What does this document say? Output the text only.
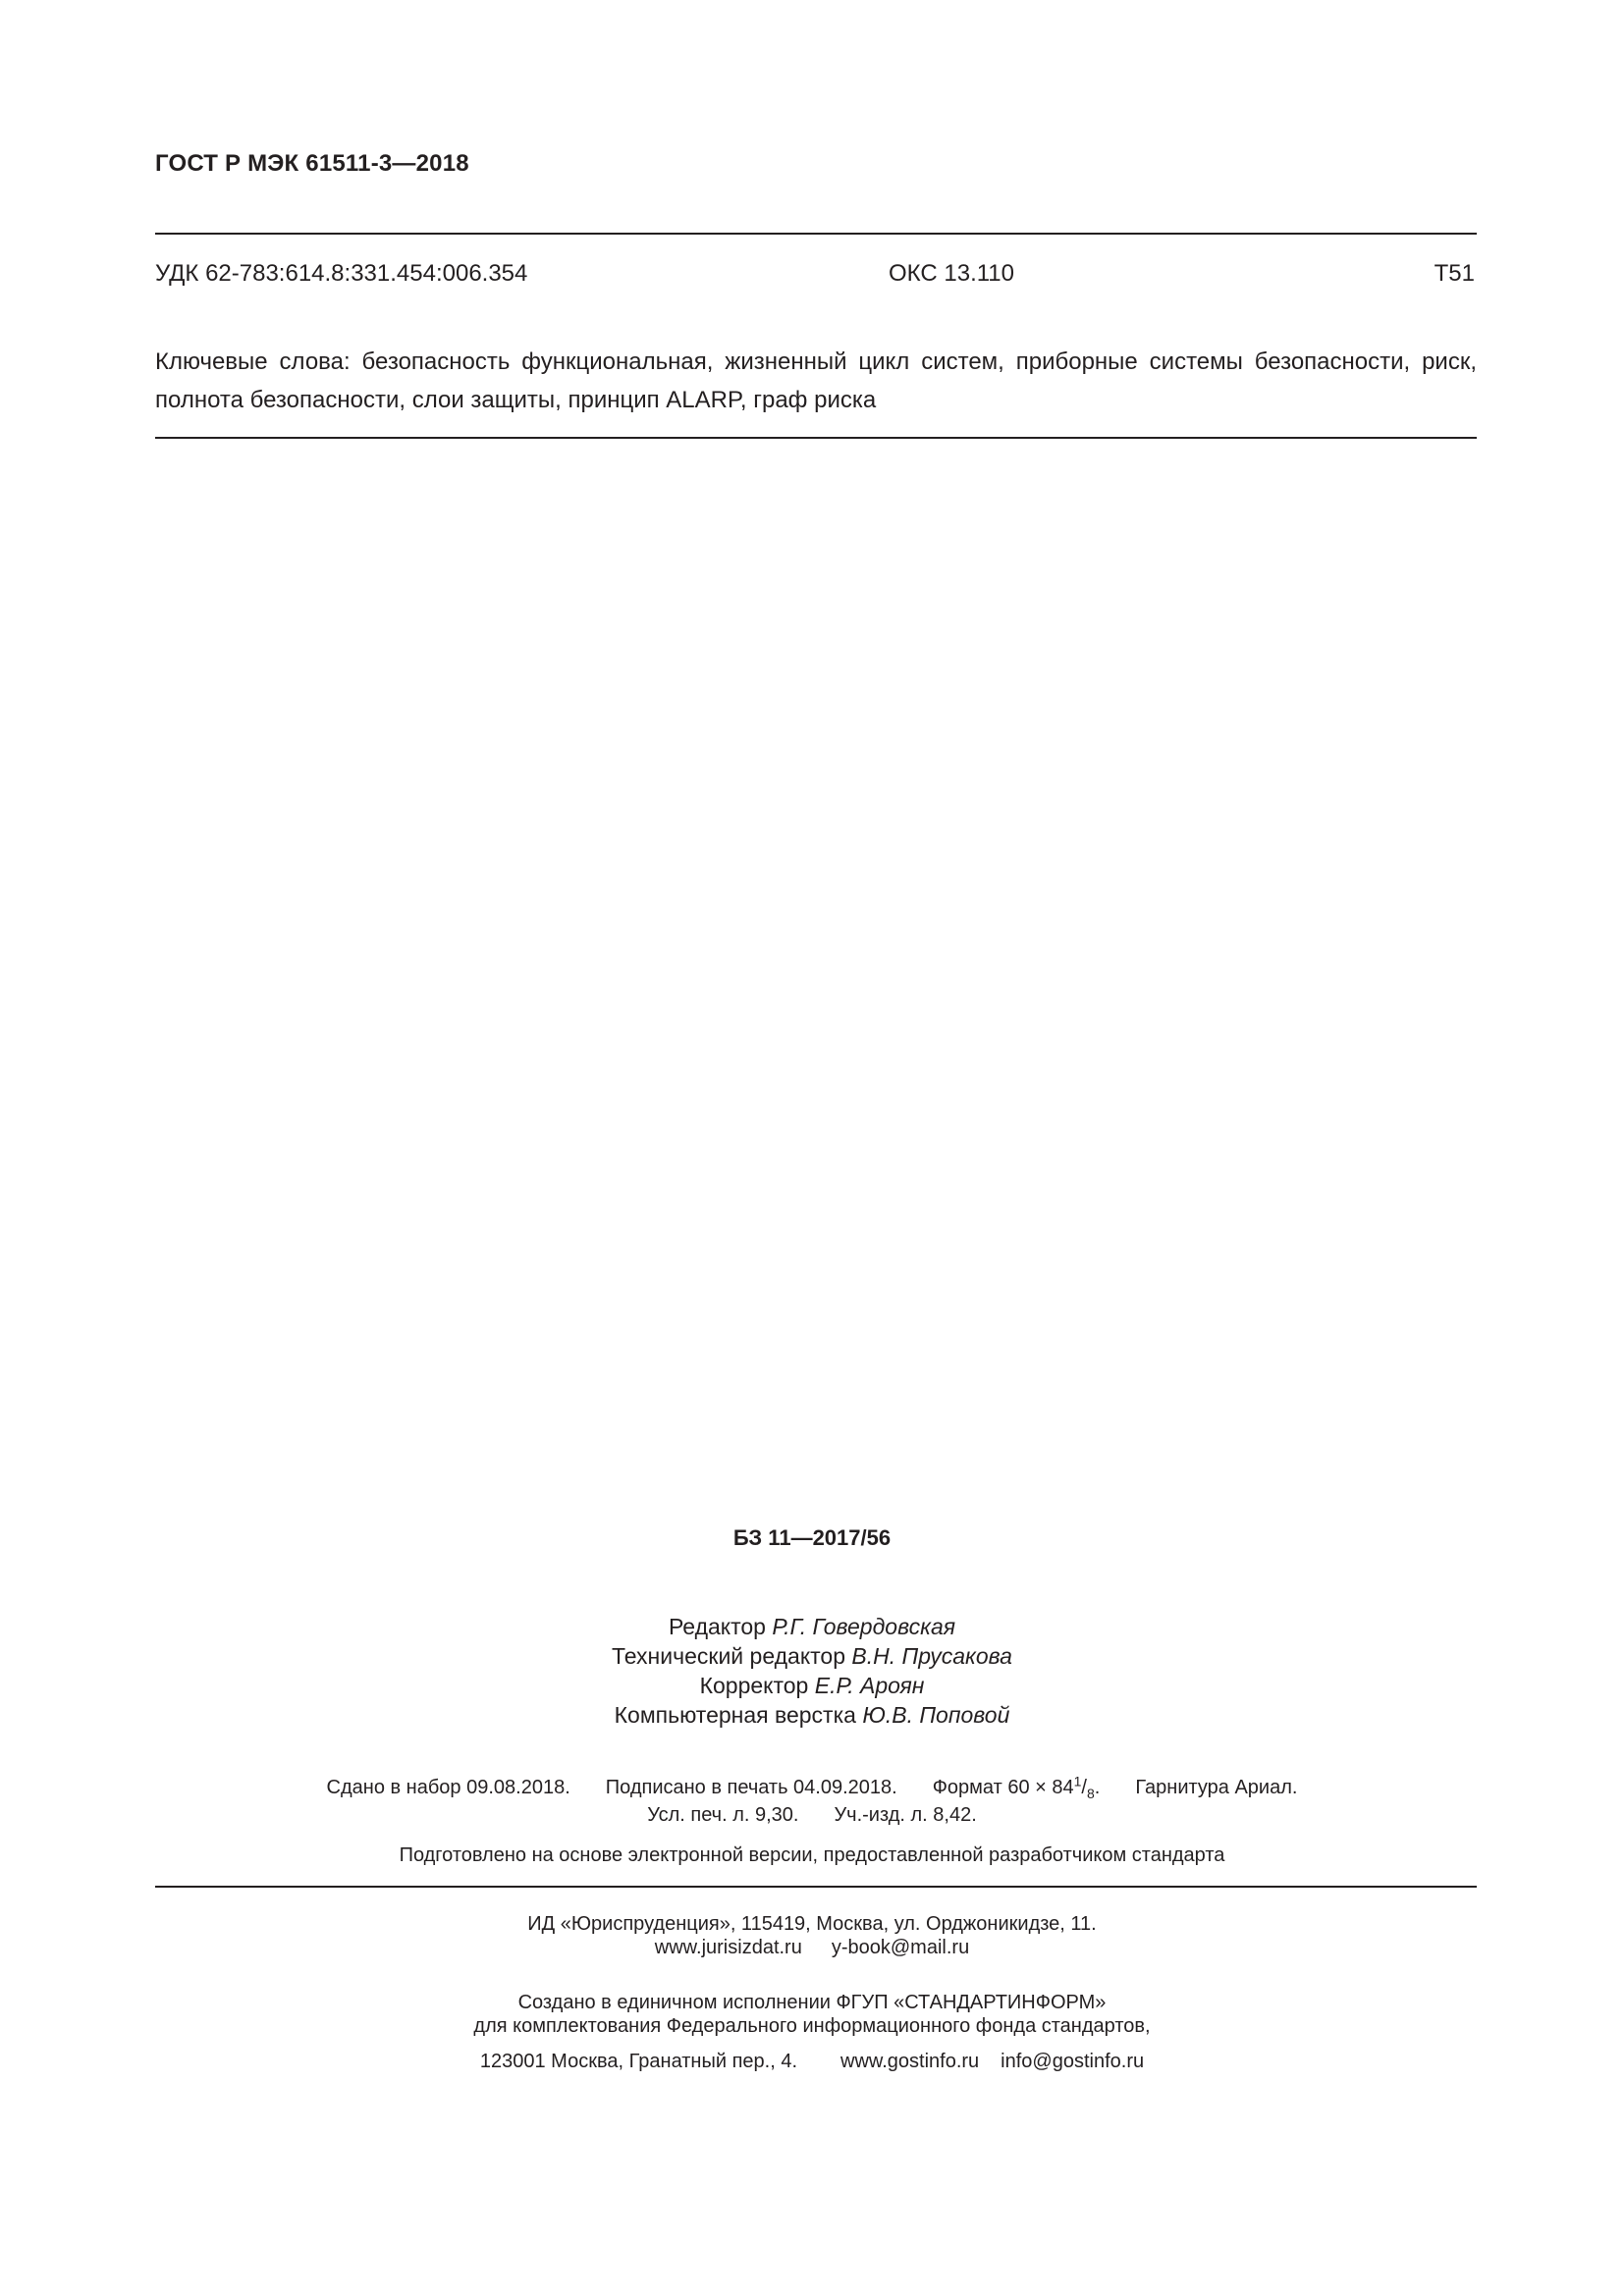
ГОСТ Р МЭК 61511-3—2018
УДК 62-783:614.8:331.454:006.354	ОКС 13.110	Т51
Ключевые слова: безопасность функциональная, жизненный цикл систем, приборные системы безопасности, риск, полнота безопасности, слои защиты, принцип ALARP, граф риска
БЗ 11—2017/56
Редактор Р.Г. Говердовская
Технический редактор В.Н. Прусакова
Корректор Е.Р. Ароян
Компьютерная верстка Ю.В. Поповой
Сдано в набор 09.08.2018. Подписано в печать 04.09.2018. Формат $60 \times 84^1/_8$. Гарнитура Ариал.
Усл. печ. л. 9,30. Уч.-изд. л. 8,42.
Подготовлено на основе электронной версии, предоставленной разработчиком стандарта
ИД «Юриспруденция», 115419, Москва, ул. Орджоникидзе, 11.
www.jurisizdat.ru y-book@mail.ru
Создано в единичном исполнении ФГУП «СТАНДАРТИНФОРМ»
для комплектования Федерального информационного фонда стандартов,
123001 Москва, Гранатный пер., 4. www.gostinfo.ru info@gostinfo.ru
